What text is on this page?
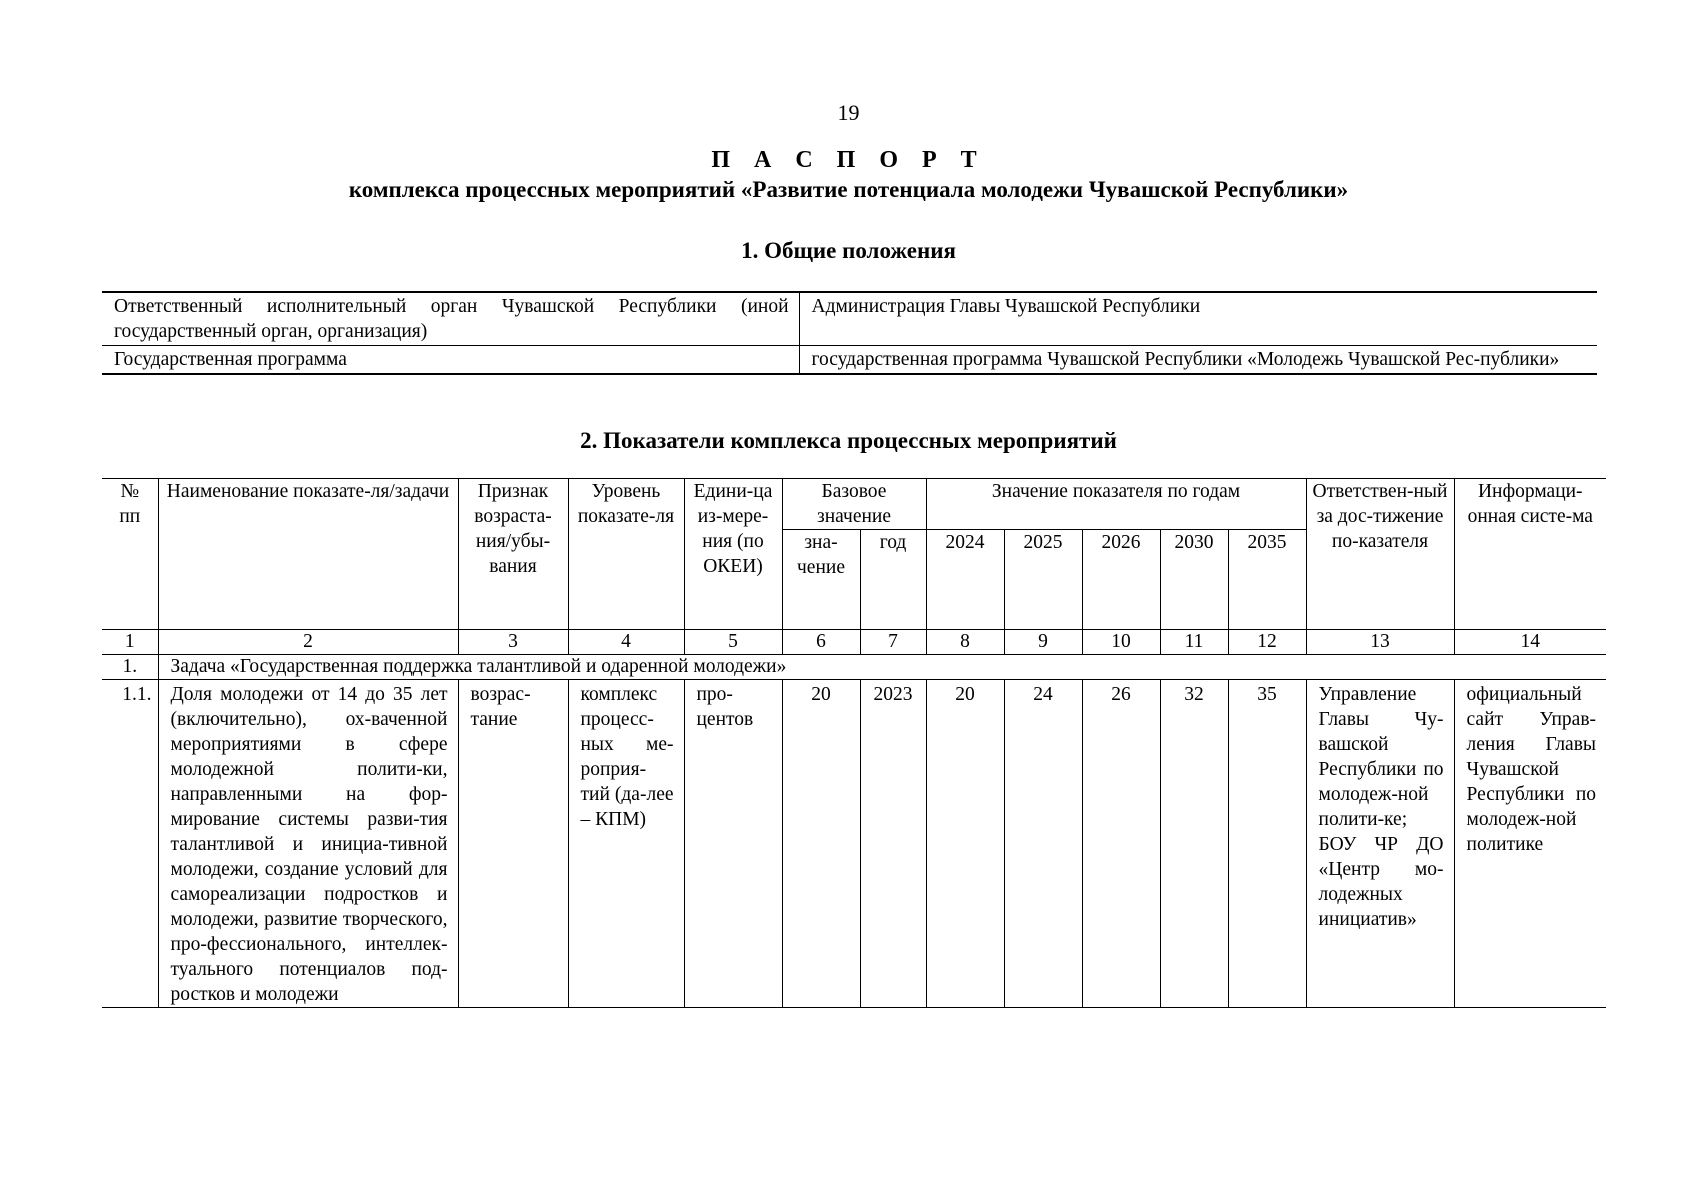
19
П А С П О Р Т
комплекса процессных мероприятий «Развитие потенциала молодежи Чувашской Республики»
1. Общие положения
Ответственный исполнительный орган Чувашской Республики (иной государственный орган, организация)	Администрация Главы Чувашской Республики
Государственная программа	государственная программа Чувашской Республики «Молодежь Чувашской Рес-публики»
2. Показатели комплекса процессных мероприятий
№ пп	Наименование показате-ля/задачи	Признак возраста-ния/убы-вания	Уровень показате-ля	Едини-ца из-мере-ния (по ОКЕИ)	Базовое значение		Значение показателя по годам					Ответствен-ный за дос-тижение по-казателя	Информаци-онная систе-ма
					зна-чение	год	2024	2025	2026	2030	2035		
1	2	3	4	5	6	7	8	9	10	11	12	13	14
1.	Задача «Государственная поддержка талантливой и одаренной молодежи»												
1.1.	Доля молодежи от 14 до 35 лет (включительно), ох-ваченной мероприятиями в сфере молодежной полити-ки, направленными на фор-мирование системы разви-тия талантливой и инициа-тивной молодежи, создание условий для самореализации подростков и молодежи, развитие творческого, про-фессионального, интеллек-туального потенциалов под-ростков и молодежи	возрас-тание	комплекс процесс-ных ме-роприя-тий (да-лее – КПМ)	про-центов	20	2023	20	24	26	32	35	Управление Главы Чу-вашской Республики по молодеж-ной полити-ке; БОУ ЧР ДО «Центр мо-лодежных инициатив»	официальный сайт Управ-ления Главы Чувашской Республики по молодеж-ной политике
